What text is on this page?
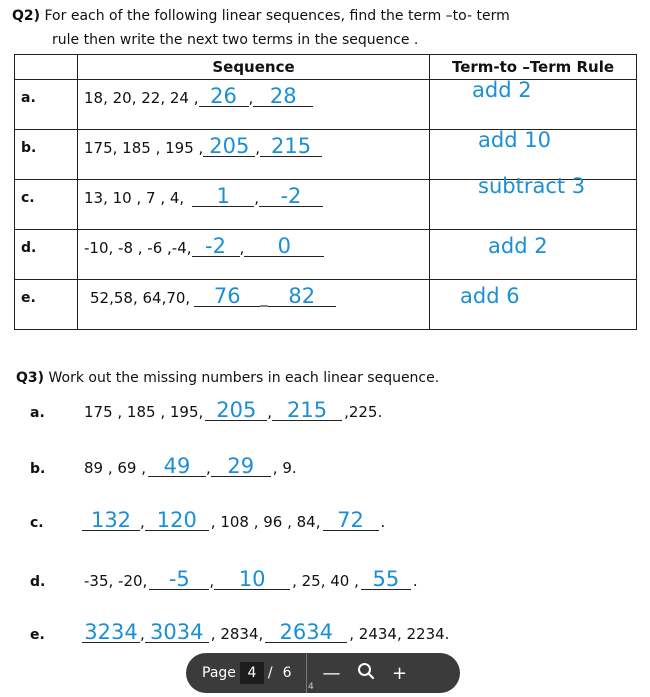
Q2) For each of the following linear sequences, find the term –to- term
rule then write the next two terms in the sequence .
	Sequence	Term-to –Term Rule

a.	18, 20, 22, 24 , 26 , 28	add 2

b.	175, 185 , 195 , 205 , 215	add 10

c.	13, 10 , 7 , 4, 1 , -2	subtract 3

d.	-10, -8 , -6 ,-4, -2 , 0	add 2

e.	52,58, 64,70, 76 _ 82	add 6
Q3) Work out the missing numbers in each linear sequence.
a.	175 , 185 , 195, 205 , 215	,225.
b.	89 , 69 , 49	, 29	, 9.
c.	132 , 120 , 108 , 96 , 84, 72	.
d.	-35, -20,	-5	,	10	, 25, 40 , 55 .
e.	3234 , 3034 , 2834, 2634	, 2434, 2234.
Page 4 / 6	—	+
4
